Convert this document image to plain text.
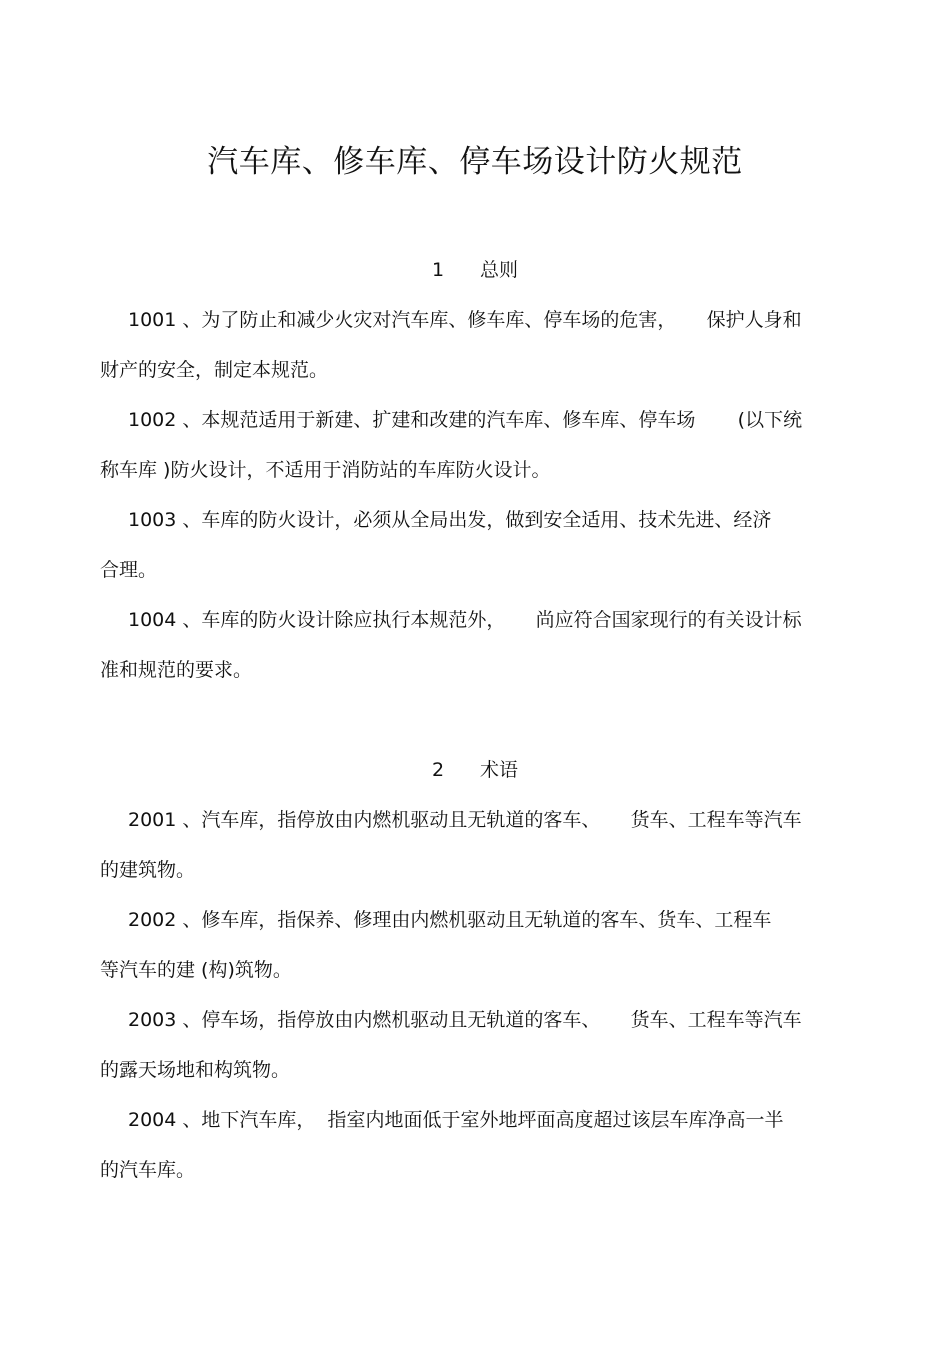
汽车库、修车库、停车场设计防火规范
1 总则

1001 、为了防止和减少火灾对汽车库、修车库、停车场的危害，     保护人身和

财产的安全，制定本规范。

1002 、本规范适用于新建、扩建和改建的汽车库、修车库、停车场       (以下统

称车库 )防火设计，不适用于消防站的车库防火设计。

1003 、车库的防火设计，必须从全局出发，做到安全适用、技术先进、经济

合理。

1004 、车库的防火设计除应执行本规范外，     尚应符合国家现行的有关设计标

准和规范的要求。

2 术语

2001 、汽车库，指停放由内燃机驱动且无轨道的客车、     货车、工程车等汽车

的建筑物。

2002 、修车库，指保养、修理由内燃机驱动且无轨道的客车、货车、工程车

等汽车的建 (构)筑物。

2003 、停车场，指停放由内燃机驱动且无轨道的客车、     货车、工程车等汽车

的露天场地和构筑物。

2004 、地下汽车库，  指室内地面低于室外地坪面高度超过该层车库净高一半

的汽车库。
